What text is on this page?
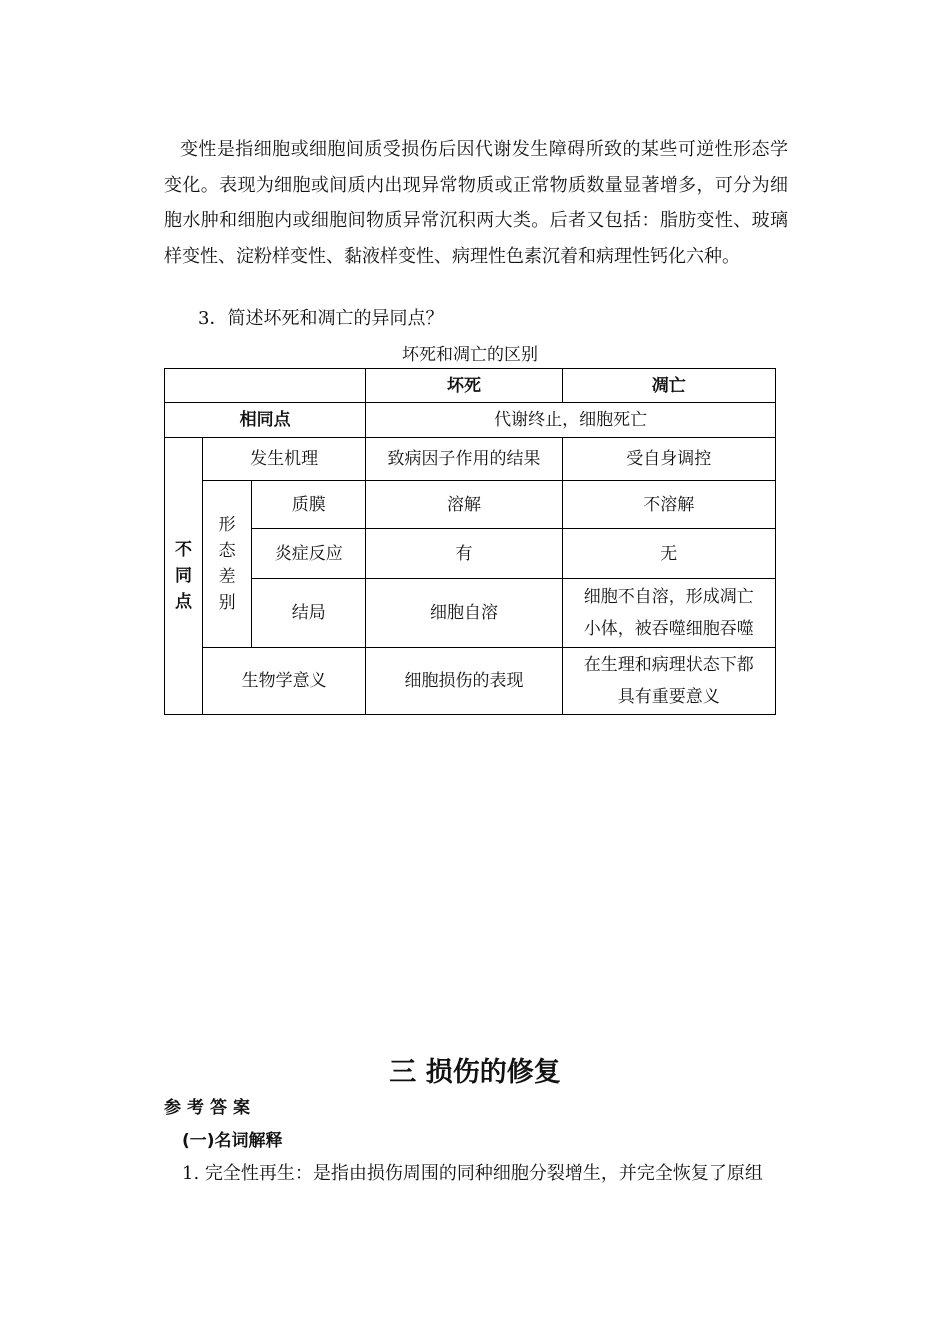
变性是指细胞或细胞间质受损伤后因代谢发生障碍所致的某些可逆性形态学变化。表现为细胞或间质内出现异常物质或正常物质数量显著增多，可分为细胞水肿和细胞内或细胞间物质异常沉积两大类。后者又包括：脂肪变性、玻璃样变性、淀粉样变性、黏液样变性、病理性色素沉着和病理性钙化六种。

3．简述坏死和凋亡的异同点？

坏死和凋亡的区别

			坏死	凋亡
相同点			代谢终止，细胞死亡	

不
同
点	发生机理		致病因子作用的结果	受自身调控

	形
态
差
别	质膜	溶解	不溶解
		炎症反应	有	无
		结局	细胞自溶	细胞不自溶，形成凋亡
小体，被吞噬细胞吞噬

	生物学意义		细胞损伤的表现	在生理和病理状态下都
具有重要意义
三 损伤的修复

参考答案

(一)名词解释

1. 完全性再生：是指由损伤周围的同种细胞分裂增生，并完全恢复了原组
